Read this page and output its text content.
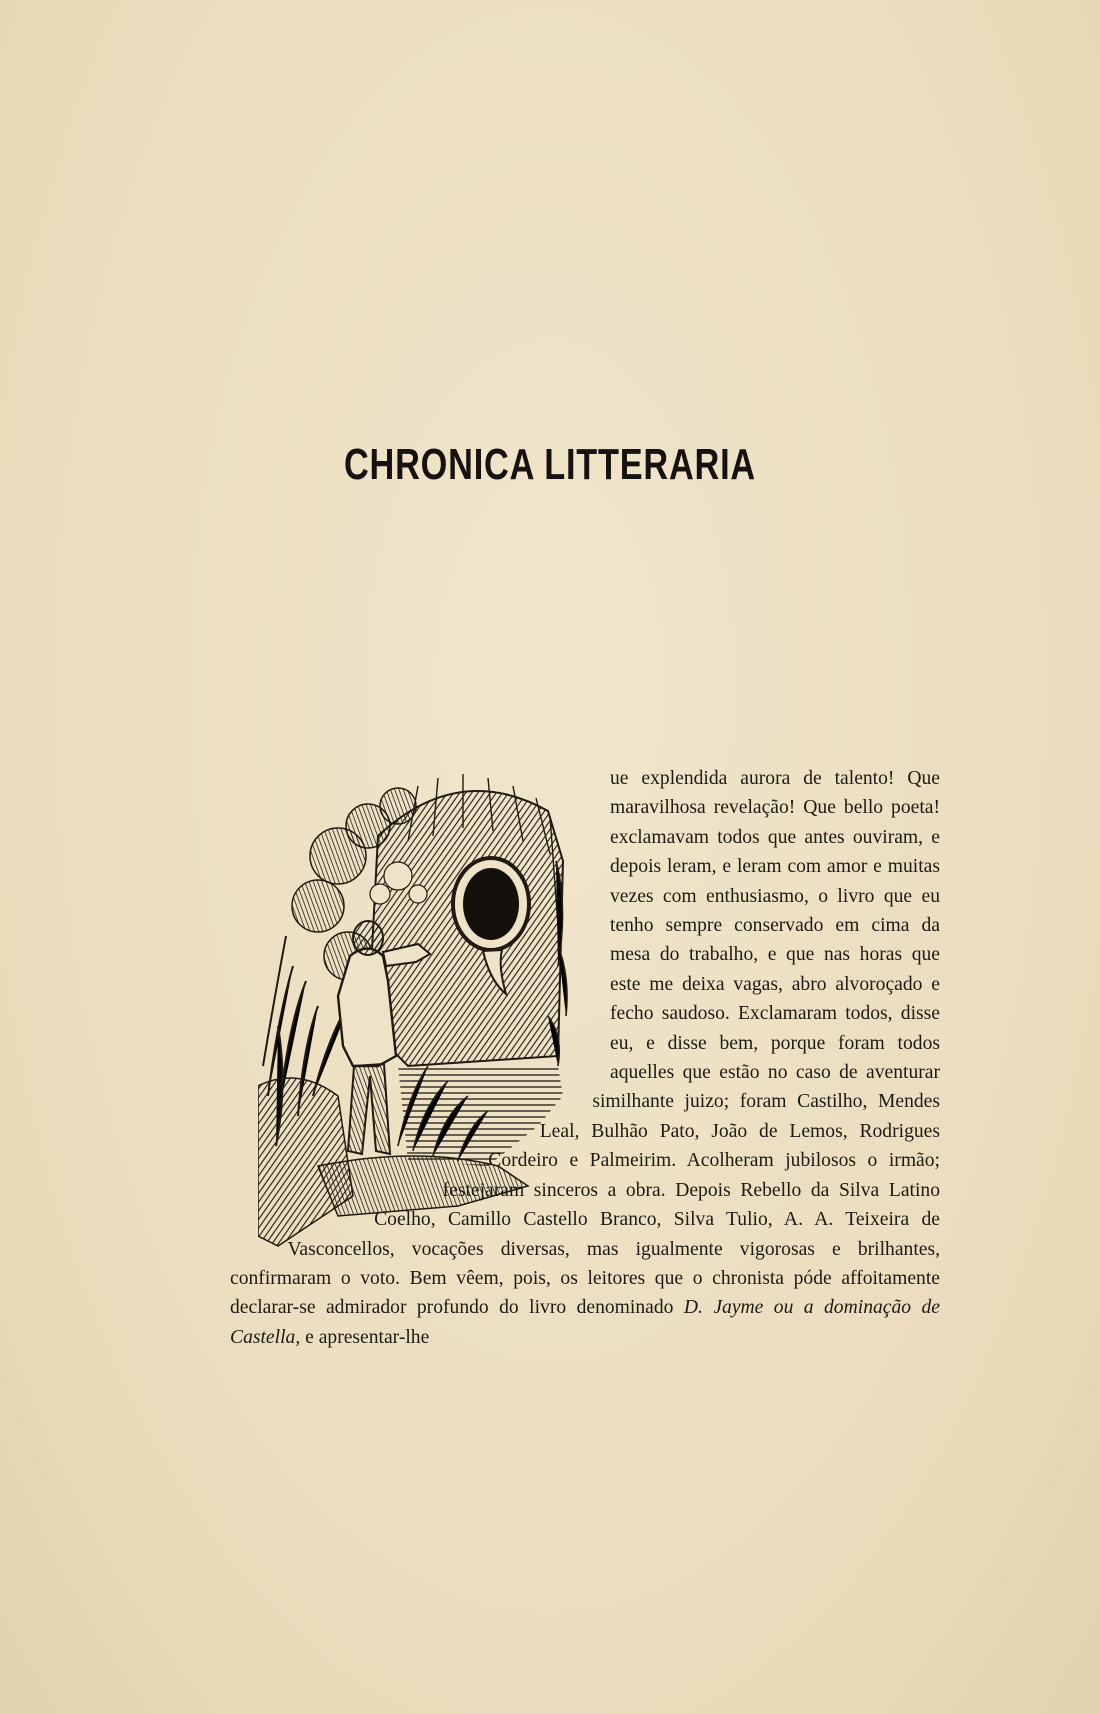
CHRONICA LITTERARIA

ue explendida aurora de talento! Que maravilhosa revelação! Que bello poeta! exclamavam todos que antes ouviram, e depois leram, e leram com amor e muitas vezes com enthusiasmo, o livro que eu tenho sempre conservado em cima da mesa do trabalho, e que nas horas que este me deixa vagas, abro alvoroçado e fecho saudoso. Exclamaram todos, disse eu, e disse bem, porque foram todos aquelles que estão no caso de aventurar similhante juizo; foram Castilho, Mendes Leal, Bulhão Pato, João de Lemos, Rodrigues Cordeiro e Palmeirim. Acolheram jubilosos o irmão; festejaram sinceros a obra. Depois Rebello da Silva Latino Coelho, Camillo Castello Branco, Silva Tulio, A. A. Teixeira de Vasconcellos, vocações diversas, mas igualmente vigorosas e brilhantes, confirmaram o voto. Bem vêem, pois, os leitores que o chronista póde affoitamente declarar-se admirador profundo do livro denominado D. Jayme ou a dominação de Castella, e apresentar-lhe
